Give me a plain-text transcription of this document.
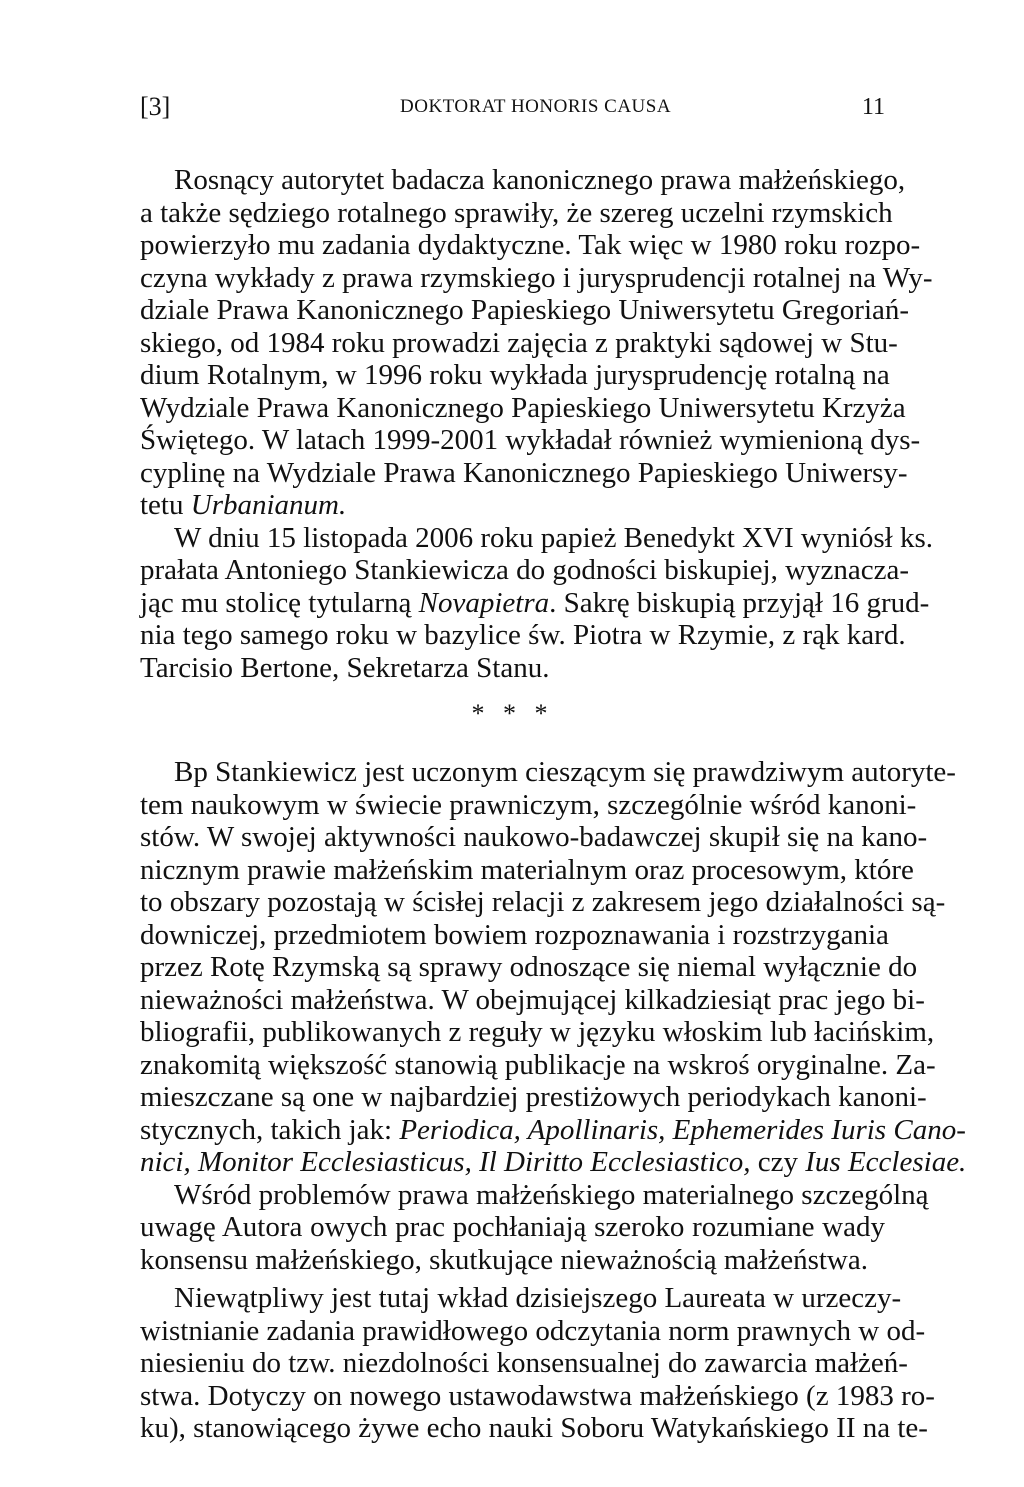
[3]	DOKTORAT HONORIS CAUSA	11
Rosnący autorytet badacza kanonicznego prawa małżeńskiego,
a także sędziego rotalnego sprawiły, że szereg uczelni rzymskich
powierzyło mu zadania dydaktyczne. Tak więc w 1980 roku rozpo-
czyna wykłady z prawa rzymskiego i jurysprudencji rotalnej na Wy-
dziale Prawa Kanonicznego Papieskiego Uniwersytetu Gregoriań-
skiego, od 1984 roku prowadzi zajęcia z praktyki sądowej w Stu-
dium Rotalnym, w 1996 roku wykłada jurysprudencję rotalną na
Wydziale Prawa Kanonicznego Papieskiego Uniwersytetu Krzyża
Świętego. W latach 1999-2001 wykładał również wymienioną dys-
cyplinę na Wydziale Prawa Kanonicznego Papieskiego Uniwersy-
tetu Urbanianum.
W dniu 15 listopada 2006 roku papież Benedykt XVI wyniósł ks.
prałata Antoniego Stankiewicza do godności biskupiej, wyznacza-
jąc mu stolicę tytularną Novapietra. Sakrę biskupią przyjął 16 grud-
nia tego samego roku w bazylice św. Piotra w Rzymie, z rąk kard.
Tarcisio Bertone, Sekretarza Stanu.
* * *
Bp Stankiewicz jest uczonym cieszącym się prawdziwym autoryte-
tem naukowym w świecie prawniczym, szczególnie wśród kanoni-
stów. W swojej aktywności naukowo-badawczej skupił się na kano-
nicznym prawie małżeńskim materialnym oraz procesowym, które
to obszary pozostają w ścisłej relacji z zakresem jego działalności są-
downiczej, przedmiotem bowiem rozpoznawania i rozstrzygania
przez Rotę Rzymską są sprawy odnoszące się niemal wyłącznie do
nieważności małżeństwa. W obejmującej kilkadziesiąt prac jego bi-
bliografii, publikowanych z reguły w języku włoskim lub łacińskim,
znakomitą większość stanowią publikacje na wskroś oryginalne. Za-
mieszczane są one w najbardziej prestiżowych periodykach kanoni-
stycznych, takich jak: Periodica, Apollinaris, Ephemerides Iuris Cano-
nici, Monitor Ecclesiasticus, Il Diritto Ecclesiastico, czy Ius Ecclesiae.
Wśród problemów prawa małżeńskiego materialnego szczególną
uwagę Autora owych prac pochłaniają szeroko rozumiane wady
konsensu małżeńskiego, skutkujące nieważnością małżeństwa.
Niewątpliwy jest tutaj wkład dzisiejszego Laureata w urzeczy-
wistnianie zadania prawidłowego odczytania norm prawnych w od-
niesieniu do tzw. niezdolności konsensualnej do zawarcia małżeń-
stwa. Dotyczy on nowego ustawodawstwa małżeńskiego (z 1983 ro-
ku), stanowiącego żywe echo nauki Soboru Watykańskiego II na te-
